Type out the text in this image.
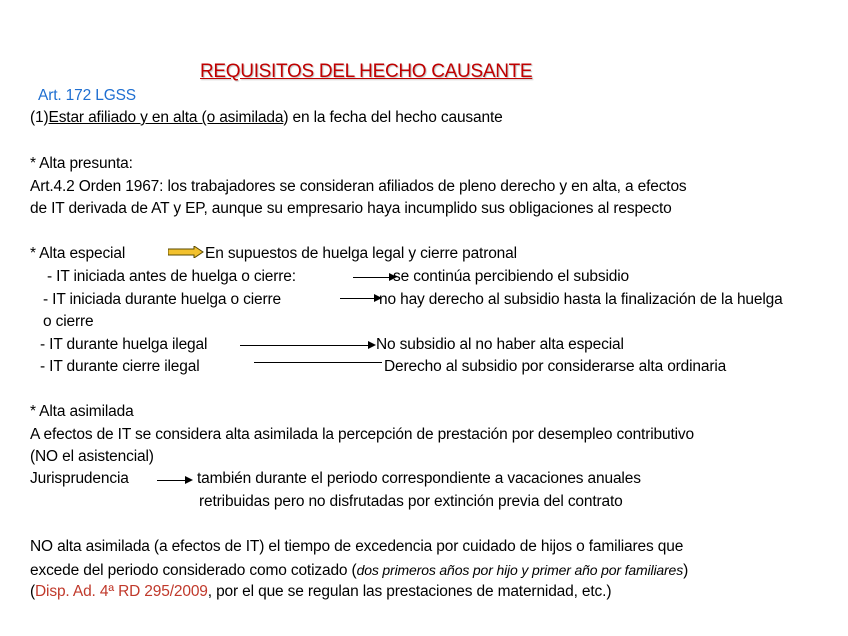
REQUISITOS DEL HECHO CAUSANTE
Art. 172 LGSS
(1)Estar afiliado y en alta (o asimilada) en la fecha del hecho causante
* Alta presunta:
Art.4.2 Orden 1967: los trabajadores se consideran afiliados de pleno derecho y en alta, a efectos
de IT derivada de AT y EP, aunque su empresario haya incumplido sus obligaciones al respecto
* Alta especial	En supuestos de huelga legal y cierre patronal
- IT iniciada antes de huelga o cierre:	se continúa percibiendo el subsidio
- IT iniciada durante huelga o cierre	no hay derecho al subsidio hasta la finalización de la huelga
o cierre
- IT durante huelga ilegal	No subsidio al no haber alta especial
- IT durante cierre ilegal	Derecho al subsidio por considerarse alta ordinaria
* Alta asimilada
A efectos de IT se considera alta asimilada la percepción de prestación por desempleo contributivo
(NO el asistencial)
Jurisprudencia	también durante el periodo correspondiente a vacaciones anuales
retribuidas pero no disfrutadas por extinción previa del contrato
NO alta asimilada (a efectos de IT) el tiempo de excedencia por cuidado de hijos o familiares que
excede del periodo considerado como cotizado (dos primeros años por hijo y primer año por familiares)
(Disp. Ad. 4ª RD 295/2009, por el que se regulan las prestaciones de maternidad, etc.)
